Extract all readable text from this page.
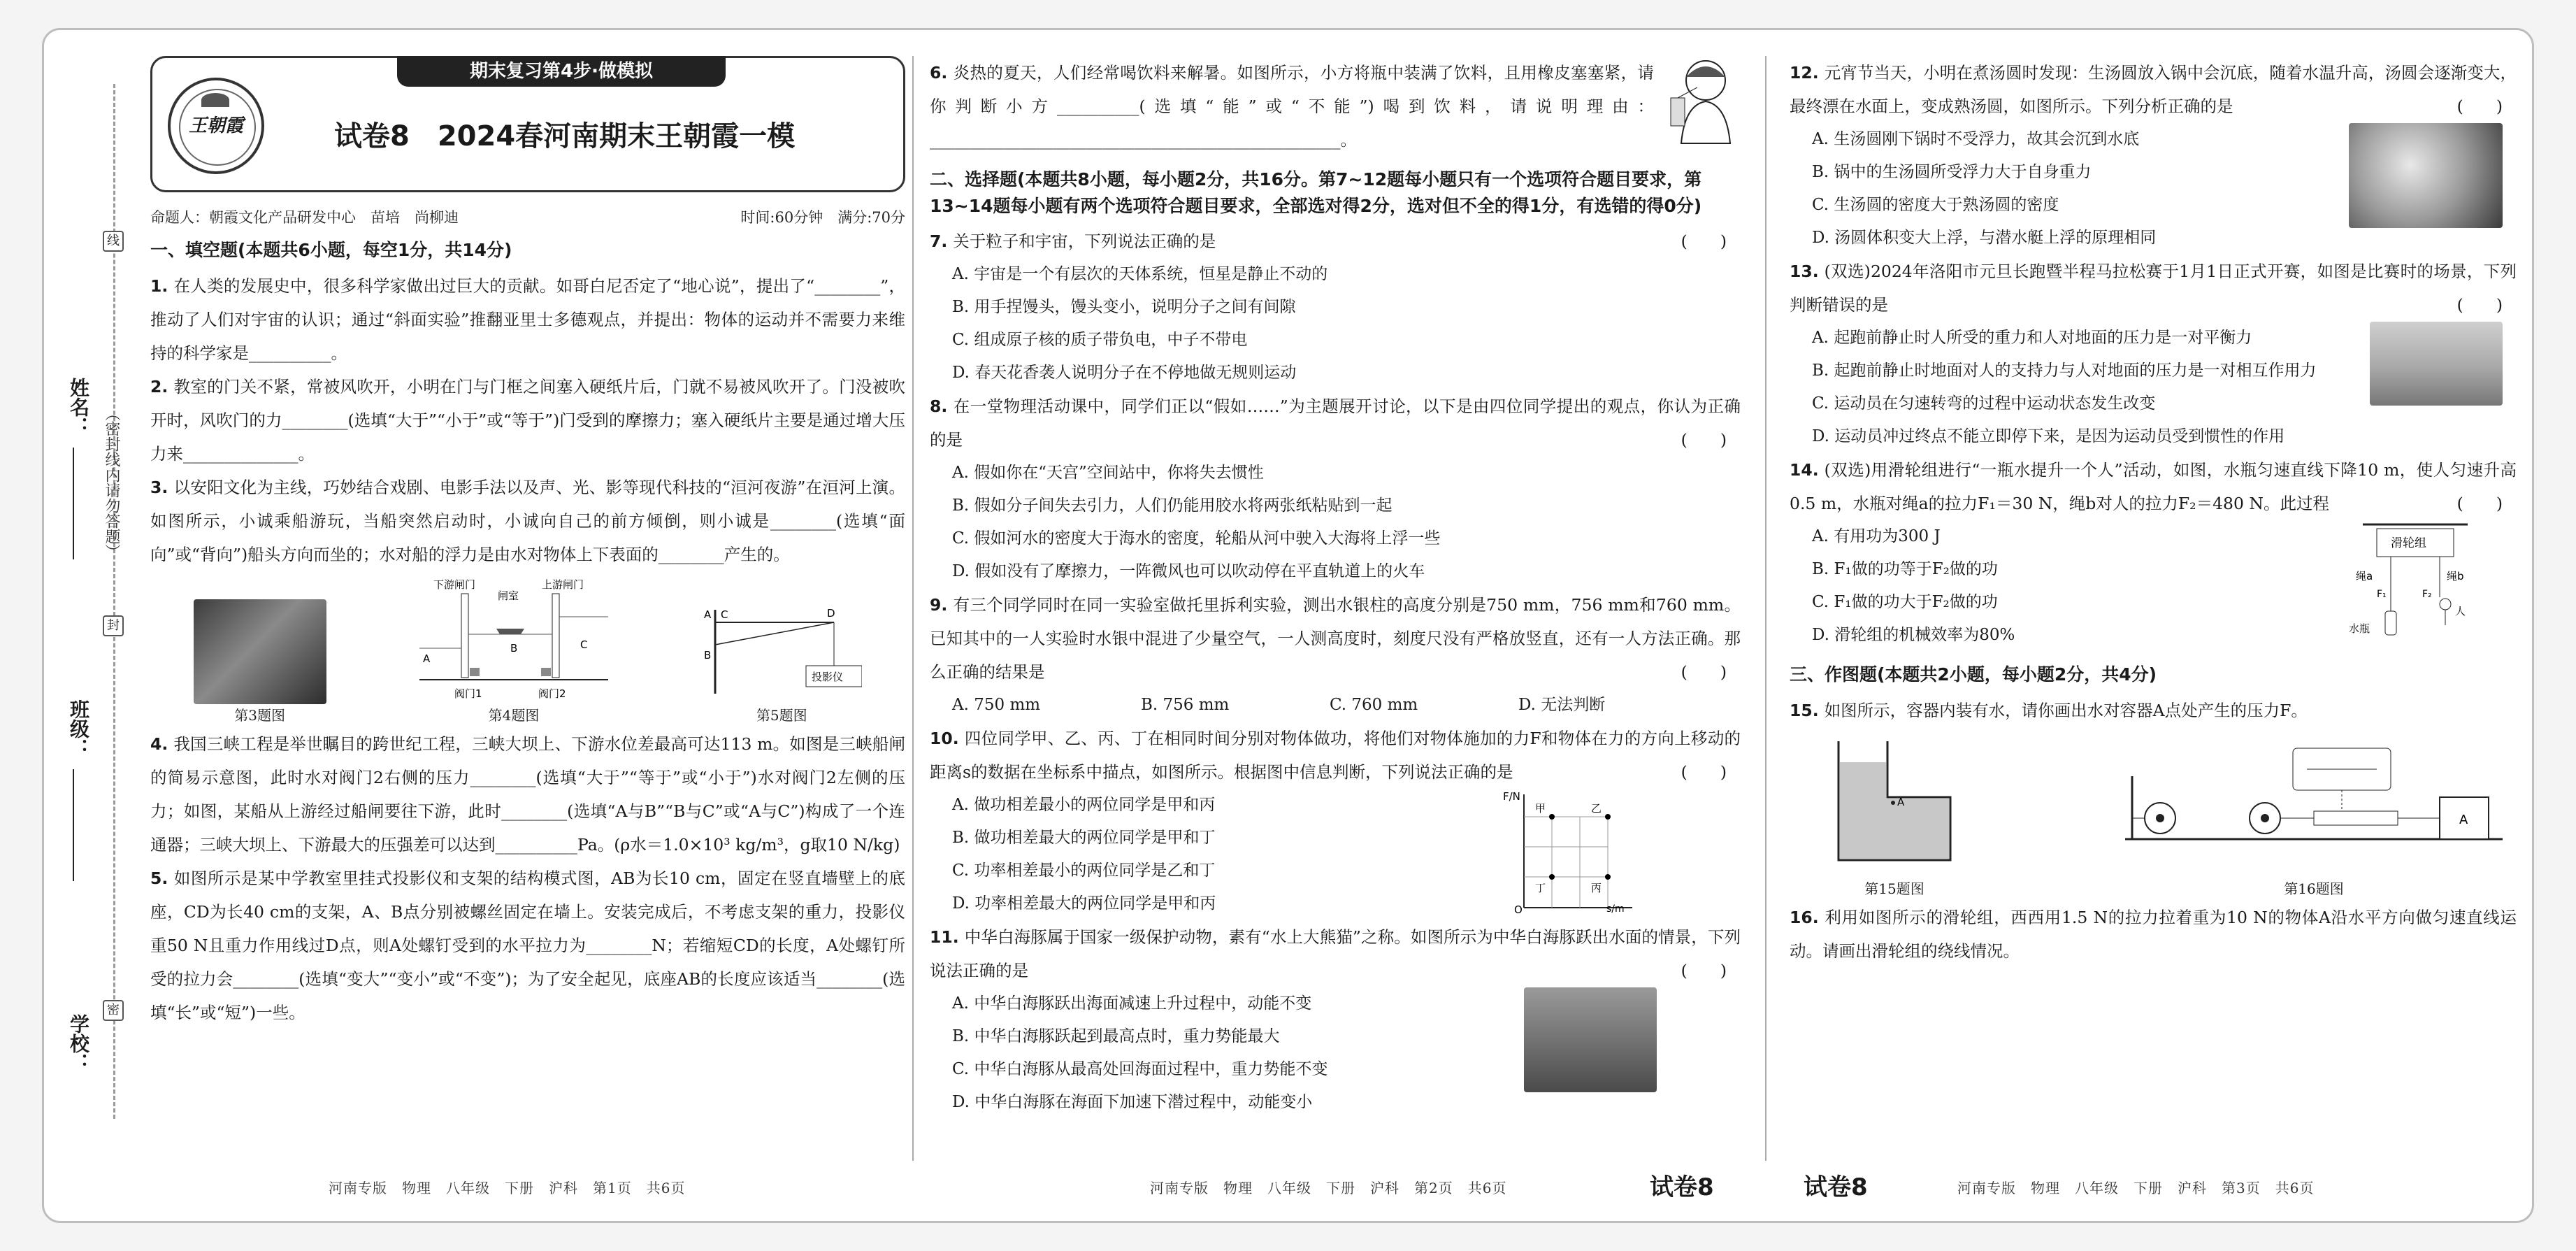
姓名：
班级：
学校：
（密封线内请勿答题）
线
封
密
期末复习第4步·做模拟
王朝霞	试卷8　2024春河南期末王朝霞一模
命题人：朝霞文化产品研发中心　苗培　尚柳迪	时间:60分钟　满分:70分
一、填空题(本题共6小题，每空1分，共14分)
1. 在人类的发展史中，很多科学家做出过巨大的贡献。如哥白尼否定了“地心说”，提出了“________”，推动了人们对宇宙的认识；通过“斜面实验”推翻亚里士多德观点，并提出：物体的运动并不需要力来维持的科学家是__________。
2. 教室的门关不紧，常被风吹开，小明在门与门框之间塞入硬纸片后，门就不易被风吹开了。门没被吹开时，风吹门的力________(选填“大于”“小于”或“等于”)门受到的摩擦力；塞入硬纸片主要是通过增大压力来______________。
3. 以安阳文化为主线，巧妙结合戏剧、电影手法以及声、光、影等现代科技的“洹河夜游”在洹河上演。如图所示，小诚乘船游玩，当船突然启动时，小诚向自己的前方倾倒，则小诚是________(选填“面向”或“背向”)船头方向而坐的；水对船的浮力是由水对物体上下表面的________产生的。
第3题图
下游闸门
闸室
上游闸门
A
B	C
阀门1	阀门2
第4题图
投影仪
A C	D
B
第5题图
4. 我国三峡工程是举世瞩目的跨世纪工程，三峡大坝上、下游水位差最高可达113 m。如图是三峡船闸的简易示意图，此时水对阀门2右侧的压力________(选填“大于”“等于”或“小于”)水对阀门2左侧的压力；如图，某船从上游经过船闸要往下游，此时________(选填“A与B”“B与C”或“A与C”)构成了一个连通器；三峡大坝上、下游最大的压强差可以达到__________Pa。(ρ水＝1.0×10³ kg/m³，g取10 N/kg)
5. 如图所示是某中学教室里挂式投影仪和支架的结构模式图，AB为长10 cm，固定在竖直墙壁上的底座，CD为长40 cm的支架，A、B点分别被螺丝固定在墙上。安装完成后，不考虑支架的重力，投影仪重50 N且重力作用线过D点，则A处螺钉受到的水平拉力为________N；若缩短CD的长度，A处螺钉所受的拉力会________(选填“变大”“变小”或“不变”)；为了安全起见，底座AB的长度应该适当________(选填“长”或“短”)一些。
河南专版　物理　八年级　下册　沪科　第1页　共6页
6. 炎热的夏天，人们经常喝饮料来解暑。如图所示，小方将瓶中装满了饮料，且用橡皮塞塞紧，请你判断小方__________(选填“能”或“不能”)喝到饮料，请说明理由：__________________________________________________。
二、选择题(本题共8小题，每小题2分，共16分。第7~12题每小题只有一个选项符合题目要求，第13~14题每小题有两个选项符合题目要求，全部选对得2分，选对但不全的得1分，有选错的得0分)
7. 关于粒子和宇宙，下列说法正确的是	(　　)
A. 宇宙是一个有层次的天体系统，恒星是静止不动的
B. 用手捏馒头，馒头变小，说明分子之间有间隙
C. 组成原子核的质子带负电，中子不带电
D. 春天花香袭人说明分子在不停地做无规则运动
8. 在一堂物理活动课中，同学们正以“假如……”为主题展开讨论，以下是由四位同学提出的观点，你认为正确的是	(　　)
A. 假如你在“天宫”空间站中，你将失去惯性
B. 假如分子间失去引力，人们仍能用胶水将两张纸粘贴到一起
C. 假如河水的密度大于海水的密度，轮船从河中驶入大海将上浮一些
D. 假如没有了摩擦力，一阵微风也可以吹动停在平直轨道上的火车
9. 有三个同学同时在同一实验室做托里拆利实验，测出水银柱的高度分别是750 mm，756 mm和760 mm。已知其中的一人实验时水银中混进了少量空气，一人测高度时，刻度尺没有严格放竖直，还有一人方法正确。那么正确的结果是	(　　)
A. 750 mm	B. 756 mm	C. 760 mm	D. 无法判断
10. 四位同学甲、乙、丙、丁在相同时间分别对物体做功，将他们对物体施加的力F和物体在力的方向上移动的距离s的数据在坐标系中描点，如图所示。根据图中信息判断，下列说法正确的是	(　　)
甲	乙
丁	丙
F/N
s/m
O
A. 做功相差最小的两位同学是甲和丙
B. 做功相差最大的两位同学是甲和丁
C. 功率相差最小的两位同学是乙和丁
D. 功率相差最大的两位同学是甲和丙
11. 中华白海豚属于国家一级保护动物，素有“水上大熊猫”之称。如图所示为中华白海豚跃出水面的情景，下列说法正确的是	(　　)
A. 中华白海豚跃出海面减速上升过程中，动能不变
B. 中华白海豚跃起到最高点时，重力势能最大
C. 中华白海豚从最高处回海面过程中，重力势能不变
D. 中华白海豚在海面下加速下潜过程中，动能变小
河南专版　物理　八年级　下册　沪科　第2页　共6页	试卷8
12. 元宵节当天，小明在煮汤圆时发现：生汤圆放入锅中会沉底，随着水温升高，汤圆会逐渐变大，最终漂在水面上，变成熟汤圆，如图所示。下列分析正确的是	(　　)
A. 生汤圆刚下锅时不受浮力，故其会沉到水底
B. 锅中的生汤圆所受浮力大于自身重力
C. 生汤圆的密度大于熟汤圆的密度
D. 汤圆体积变大上浮，与潜水艇上浮的原理相同
13. (双选)2024年洛阳市元旦长跑暨半程马拉松赛于1月1日正式开赛，如图是比赛时的场景，下列判断错误的是	(　　)
A. 起跑前静止时人所受的重力和人对地面的压力是一对平衡力
B. 起跑前静止时地面对人的支持力与人对地面的压力是一对相互作用力
C. 运动员在匀速转弯的过程中运动状态发生改变
D. 运动员冲过终点不能立即停下来，是因为运动员受到惯性的作用
14. (双选)用滑轮组进行“一瓶水提升一个人”活动，如图，水瓶匀速直线下降10 m，使人匀速升高0.5 m，水瓶对绳a的拉力F₁＝30 N，绳b对人的拉力F₂＝480 N。此过程	(　　)
滑轮组
绳a	绳b
F₁	F₂
人
水瓶
A. 有用功为300 J
B. F₁做的功等于F₂做的功
C. F₁做的功大于F₂做的功
D. 滑轮组的机械效率为80%
三、作图题(本题共2小题，每小题2分，共4分)
15. 如图所示，容器内装有水，请你画出水对容器A点处产生的压力F。
A
第15题图
A
第16题图
16. 利用如图所示的滑轮组，西西用1.5 N的拉力拉着重为10 N的物体A沿水平方向做匀速直线运动。请画出滑轮组的绕线情况。
试卷8	河南专版　物理　八年级　下册　沪科　第3页　共6页
